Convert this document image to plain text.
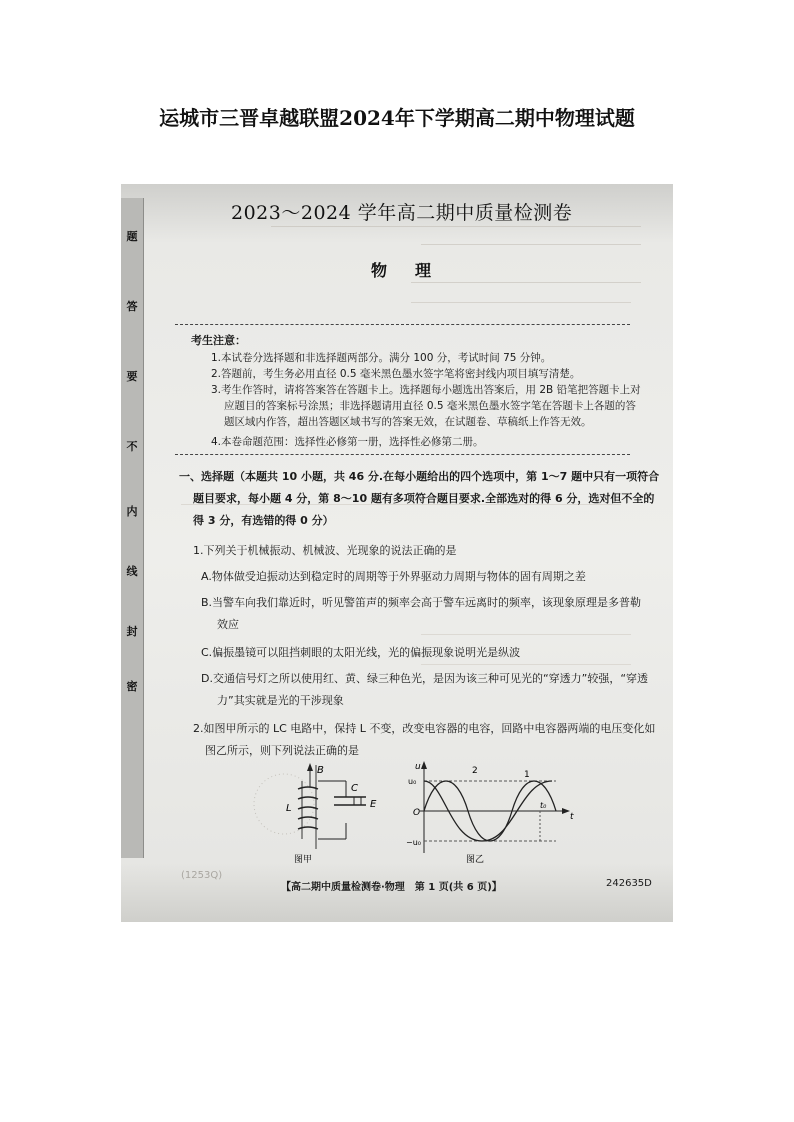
运城市三晋卓越联盟2024年下学期高二期中物理试题
题
答
要
不
内
线
封
密
2023～2024 学年高二期中质量检测卷
物理
考生注意：
1.本试卷分选择题和非选择题两部分。满分 100 分，考试时间 75 分钟。
2.答题前，考生务必用直径 0.5 毫米黑色墨水签字笔将密封线内项目填写清楚。
3.考生作答时，请将答案答在答题卡上。选择题每小题选出答案后，用 2B 铅笔把答题卡上对
应题目的答案标号涂黑；非选择题请用直径 0.5 毫米黑色墨水签字笔在答题卡上各题的答
题区域内作答，超出答题区域书写的答案无效，在试题卷、草稿纸上作答无效。
4.本卷命题范围：选择性必修第一册，选择性必修第二册。
一、选择题（本题共 10 小题，共 46 分.在每小题给出的四个选项中，第 1～7 题中只有一项符合
题目要求，每小题 4 分，第 8～10 题有多项符合题目要求.全部选对的得 6 分，选对但不全的
得 3 分，有选错的得 0 分）
1.下列关于机械振动、机械波、光现象的说法正确的是
A.物体做受迫振动达到稳定时的周期等于外界驱动力周期与物体的固有周期之差
B.当警车向我们靠近时，听见警笛声的频率会高于警车远离时的频率，该现象原理是多普勒
效应
C.偏振墨镜可以阻挡刺眼的太阳光线，光的偏振现象说明光是纵波
D.交通信号灯之所以使用红、黄、绿三种色光，是因为该三种可见光的“穿透力”较强，“穿透
力”其实就是光的干涉现象
2.如图甲所示的 LC 电路中，保持 L 不变，改变电容器的电容，回路中电容器两端的电压变化如
图乙所示，则下列说法正确的是
B
L
C
E
图甲
u
u₀
O
−u₀
t
t₀
2	1
图乙
(1253Q)
【高二期中质量检测卷·物理　第 1 页(共 6 页)】	242635D
